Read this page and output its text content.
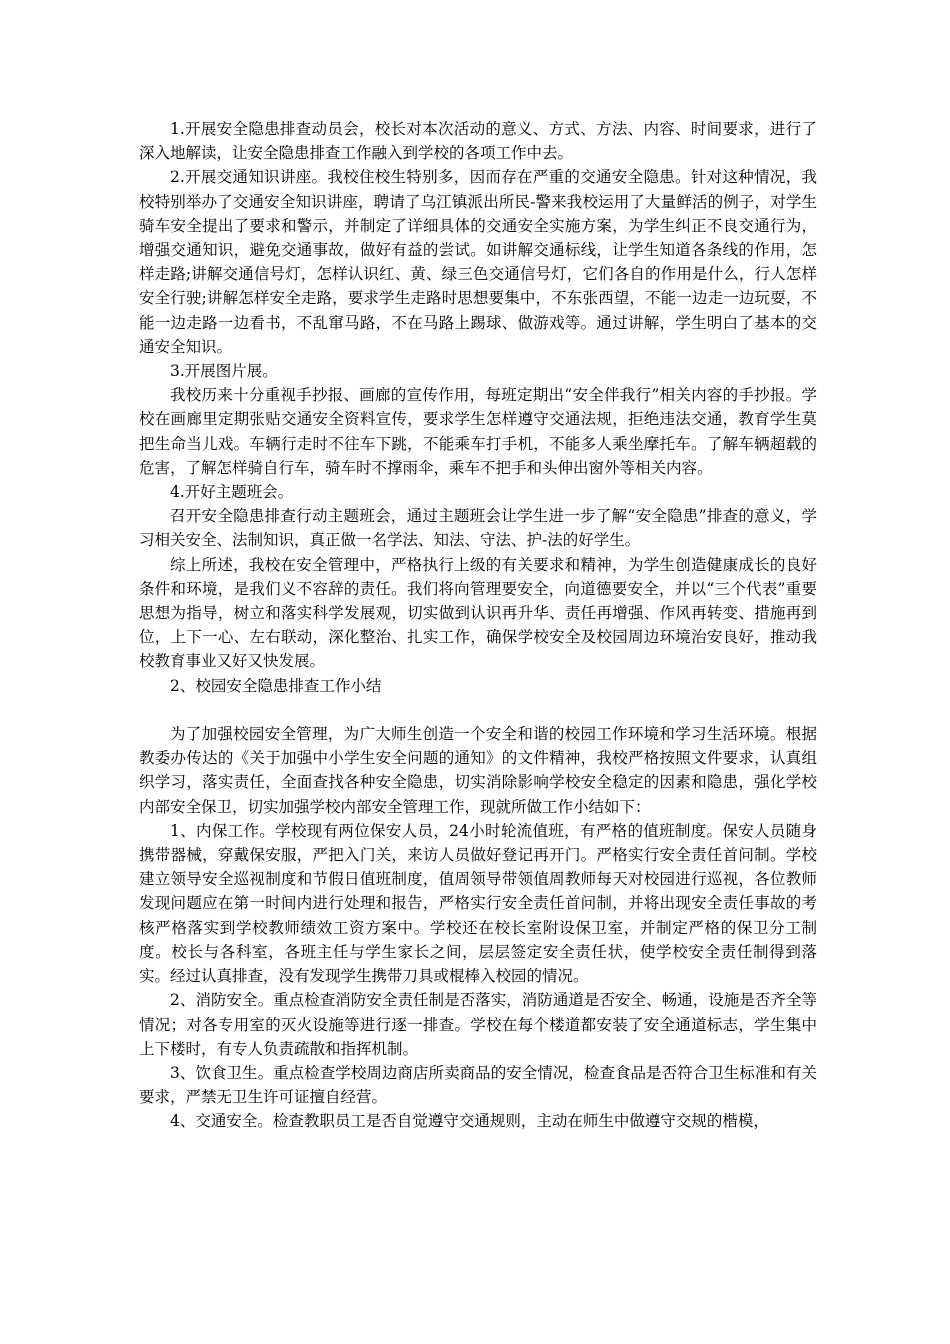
1.开展安全隐患排查动员会，校长对本次活动的意义、方式、方法、内容、时间要求，进行了深入地解读，让安全隐患排查工作融入到学校的各项工作中去。

2.开展交通知识讲座。我校住校生特别多，因而存在严重的交通安全隐患。针对这种情况，我校特别举办了交通安全知识讲座，聘请了乌江镇派出所民-警来我校运用了大量鲜活的例子，对学生骑车安全提出了要求和警示，并制定了详细具体的交通安全实施方案，为学生纠正不良交通行为，增强交通知识，避免交通事故，做好有益的尝试。如讲解交通标线，让学生知道各条线的作用，怎样走路;讲解交通信号灯，怎样认识红、黄、绿三色交通信号灯，它们各自的作用是什么，行人怎样安全行驶;讲解怎样安全走路，要求学生走路时思想要集中，不东张西望，不能一边走一边玩耍，不能一边走路一边看书，不乱窜马路，不在马路上踢球、做游戏等。通过讲解，学生明白了基本的交通安全知识。

3.开展图片展。

我校历来十分重视手抄报、画廊的宣传作用，每班定期出“安全伴我行”相关内容的手抄报。学校在画廊里定期张贴交通安全资料宣传，要求学生怎样遵守交通法规，拒绝违法交通，教育学生莫把生命当儿戏。车辆行走时不往车下跳，不能乘车打手机，不能多人乘坐摩托车。了解车辆超载的危害，了解怎样骑自行车，骑车时不撑雨伞，乘车不把手和头伸出窗外等相关内容。

4.开好主题班会。

召开安全隐患排查行动主题班会，通过主题班会让学生进一步了解“安全隐患”排查的意义，学习相关安全、法制知识，真正做一名学法、知法、守法、护-法的好学生。

综上所述，我校在安全管理中，严格执行上级的有关要求和精神，为学生创造健康成长的良好条件和环境，是我们义不容辞的责任。我们将向管理要安全，向道德要安全，并以“三个代表”重要思想为指导，树立和落实科学发展观，切实做到认识再升华、责任再增强、作风再转变、措施再到位，上下一心、左右联动，深化整治、扎实工作，确保学校安全及校园周边环境治安良好，推动我校教育事业又好又快发展。

2、校园安全隐患排查工作小结

为了加强校园安全管理，为广大师生创造一个安全和谐的校园工作环境和学习生活环境。根据教委办传达的《关于加强中小学生安全问题的通知》的文件精神，我校严格按照文件要求，认真组织学习，落实责任，全面查找各种安全隐患，切实消除影响学校安全稳定的因素和隐患，强化学校内部安全保卫，切实加强学校内部安全管理工作，现就所做工作小结如下：

1、内保工作。学校现有两位保安人员，24小时轮流值班，有严格的值班制度。保安人员随身携带器械，穿戴保安服，严把入门关，来访人员做好登记再开门。严格实行安全责任首问制。学校建立领导安全巡视制度和节假日值班制度，值周领导带领值周教师每天对校园进行巡视，各位教师发现问题应在第一时间内进行处理和报告，严格实行安全责任首问制，并将出现安全责任事故的考核严格落实到学校教师绩效工资方案中。学校还在校长室附设保卫室，并制定严格的保卫分工制度。校长与各科室，各班主任与学生家长之间，层层签定安全责任状，使学校安全责任制得到落实。经过认真排查，没有发现学生携带刀具或棍棒入校园的情况。

2、消防安全。重点检查消防安全责任制是否落实，消防通道是否安全、畅通，设施是否齐全等情况；对各专用室的灭火设施等进行逐一排查。学校在每个楼道都安装了安全通道标志，学生集中上下楼时，有专人负责疏散和指挥机制。

3、饮食卫生。重点检查学校周边商店所卖商品的安全情况，检查食品是否符合卫生标准和有关要求，严禁无卫生许可证擅自经营。

4、交通安全。检查教职员工是否自觉遵守交通规则，主动在师生中做遵守交规的楷模，
